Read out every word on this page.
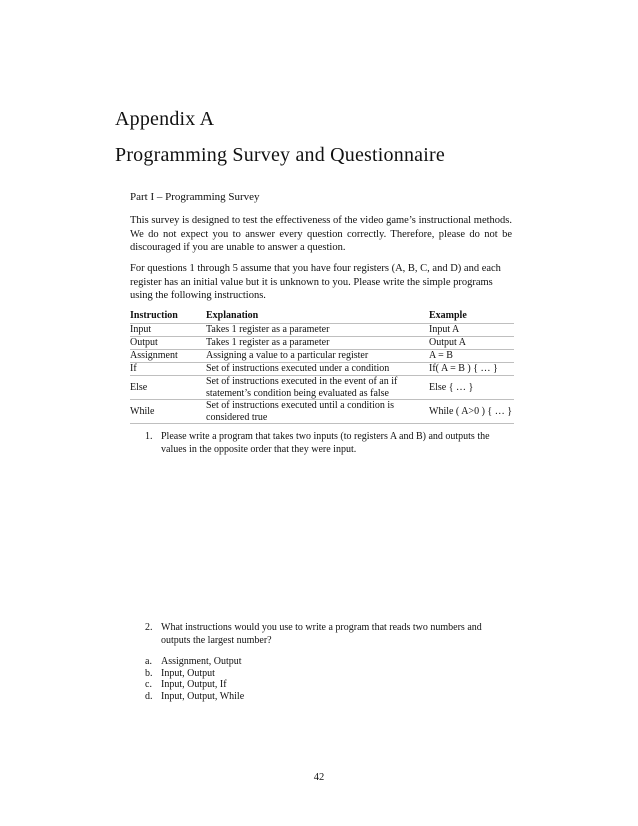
Appendix A
Programming Survey and Questionnaire
Part I – Programming Survey
This survey is designed to test the effectiveness of the video game’s instructional methods. We do not expect you to answer every question correctly. Therefore, please do not be discouraged if you are unable to answer a question.
For questions 1 through 5 assume that you have four registers (A, B, C, and D) and each register has an initial value but it is unknown to you. Please write the simple programs using the following instructions.
Instruction	Explanation	Example
Input	Takes 1 register as a parameter	Input A
Output	Takes 1 register as a parameter	Output A
Assignment	Assigning a value to a particular register	A = B
If	Set of instructions executed under a condition	If( A = B ) { … }
Else	Set of instructions executed in the event of an if statement’s condition being evaluated as false	Else { … }
While	Set of instructions executed until a condition is considered true	While ( A>0 ) { … }
1. Please write a program that takes two inputs (to registers A and B) and outputs the values in the opposite order that they were input.
2. What instructions would you use to write a program that reads two numbers and outputs the largest number?
a. Assignment, Output
b. Input, Output
c. Input, Output, If
d. Input, Output, While
42
